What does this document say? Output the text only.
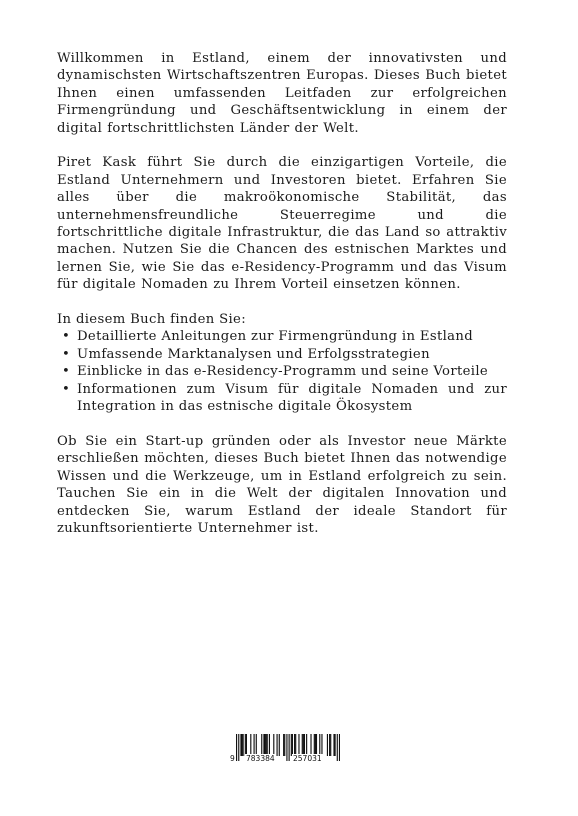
Willkommen in Estland, einem der innovativsten und dynamischsten Wirtschaftszentren Europas. Dieses Buch bietet Ihnen einen umfassenden Leitfaden zur erfolgreichen Firmengründung und Geschäftsentwicklung in einem der digital fortschrittlichsten Länder der Welt.

Piret Kask führt Sie durch die einzigartigen Vorteile, die Estland Unternehmern und Investoren bietet. Erfahren Sie alles über die makroökonomische Stabilität, das unternehmensfreundliche Steuerregime und die fortschrittliche digitale Infrastruktur, die das Land so attraktiv machen. Nutzen Sie die Chancen des estnischen Marktes und lernen Sie, wie Sie das e-Residency-Programm und das Visum für digitale Nomaden zu Ihrem Vorteil einsetzen können.

In diesem Buch finden Sie:

• Detaillierte Anleitungen zur Firmengründung in Estland
• Umfassende Marktanalysen und Erfolgsstrategien
• Einblicke in das e-Residency-Programm und seine Vorteile
• Informationen zum Visum für digitale Nomaden und zur Integration in das estnische digitale Ökosystem

Ob Sie ein Start-up gründen oder als Investor neue Märkte erschließen möchten, dieses Buch bietet Ihnen das notwendige Wissen und die Werkzeuge, um in Estland erfolgreich zu sein. Tauchen Sie ein in die Welt der digitalen Innovation und entdecken Sie, warum Estland der ideale Standort für zukunftsorientierte Unternehmer ist.

9 783384 257031
